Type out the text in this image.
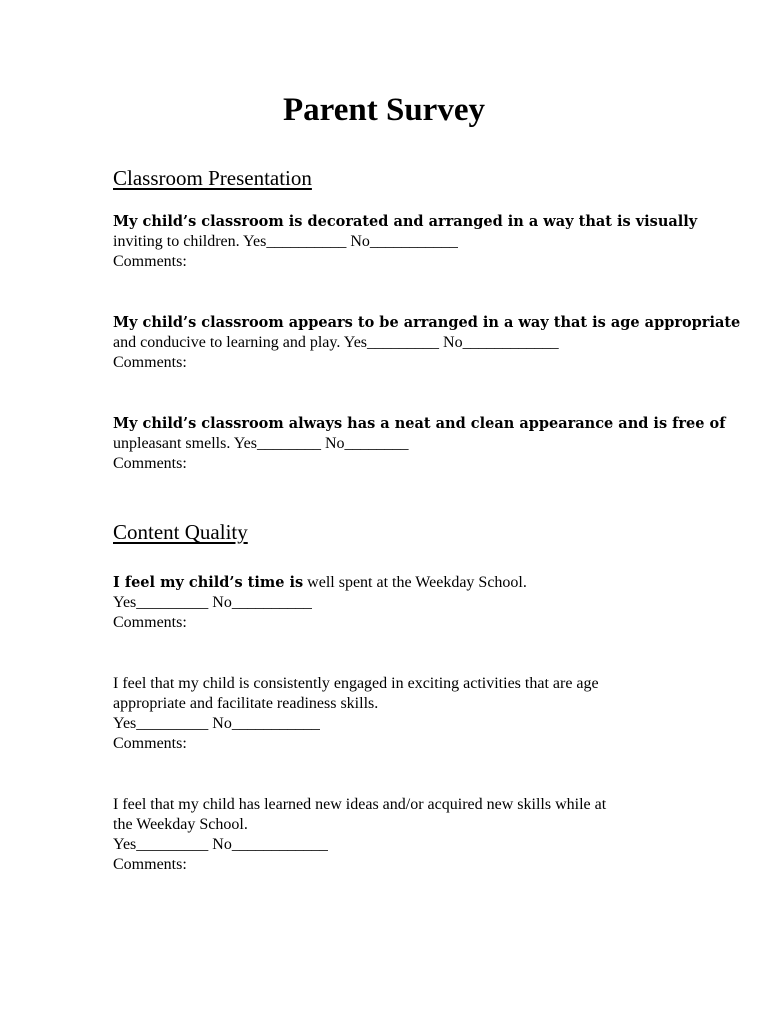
Parent Survey
Classroom Presentation
My child’s classroom is decorated and arranged in a way that is visually
inviting to children. Yes__________ No___________
Comments:
My child’s classroom appears to be arranged in a way that is age appropriate
and conducive to learning and play. Yes_________ No____________
Comments:
My child’s classroom always has a neat and clean appearance and is free of
unpleasant smells. Yes________ No________
Comments:
Content Quality
I feel my child’s time is well spent at the Weekday School.
Yes_________ No__________
Comments:
I feel that my child is consistently engaged in exciting activities that are age
appropriate and facilitate readiness skills.
Yes_________ No___________
Comments:
I feel that my child has learned new ideas and/or acquired new skills while at
the Weekday School.
Yes_________ No____________
Comments:
